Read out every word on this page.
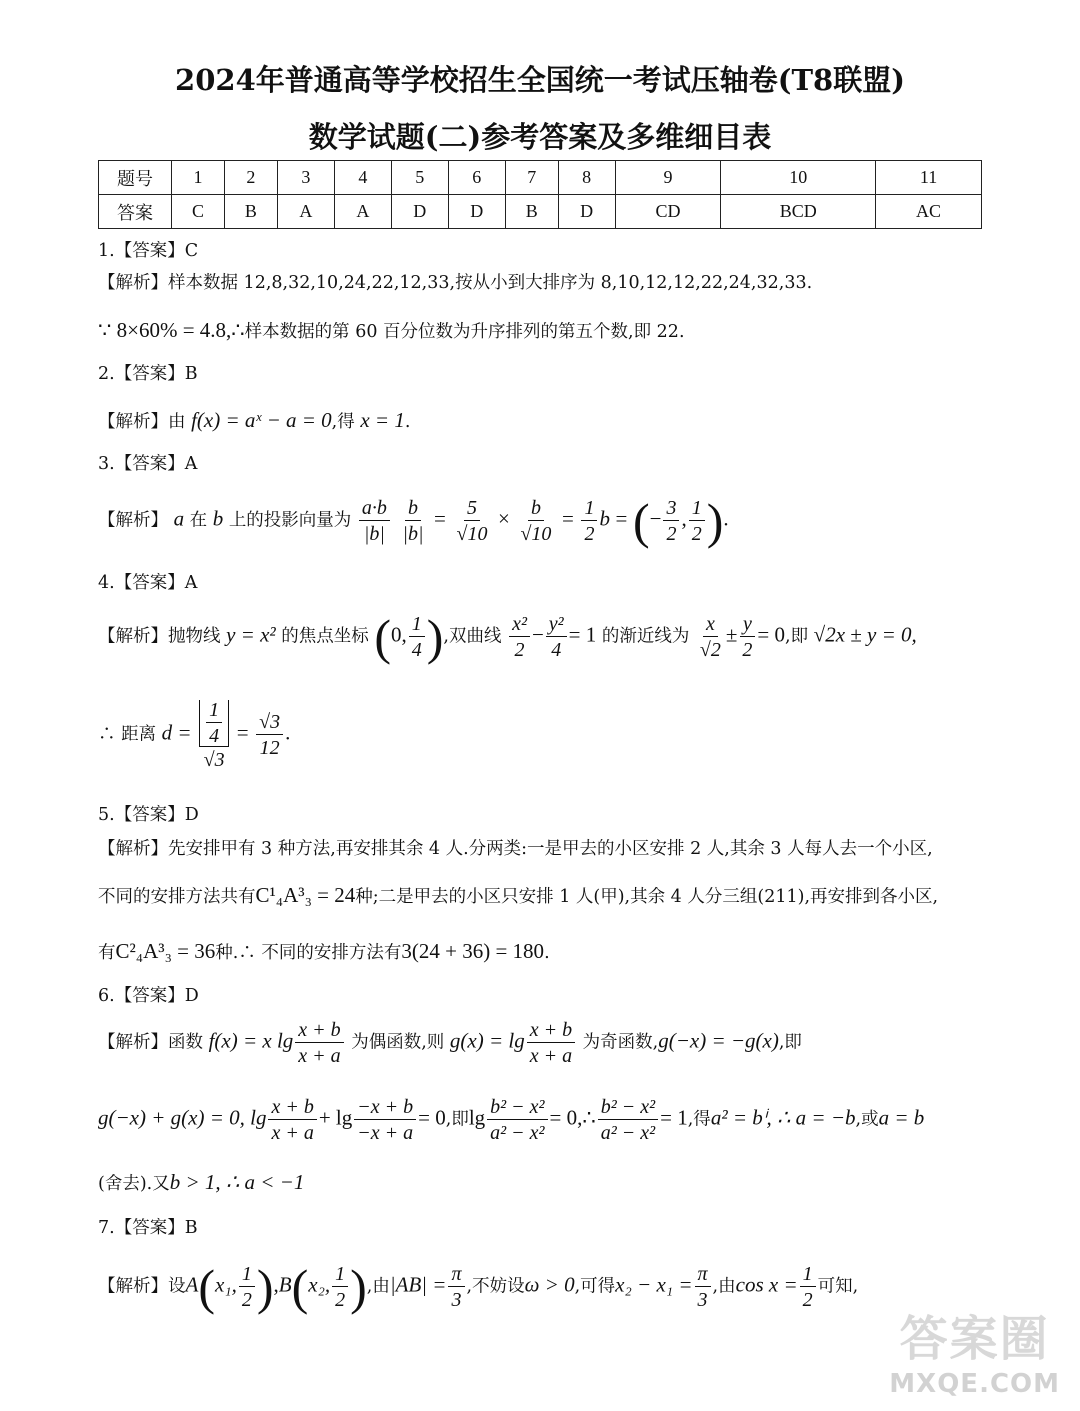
2024年普通高等学校招生全国统一考试压轴卷(T8联盟)
数学试题(二)参考答案及多维细目表
题号	1	2	3	4	5	6	7	8	9	10	11
答案	C	B	A	A	D	D	B	D	CD	BCD	AC
1.【答案】C
【解析】样本数据 12,8,32,10,24,22,12,33,按从小到大排序为 8,10,12,12,22,24,32,33.
∵ 8×60% = 4.8,∴样本数据的第 60 百分位数为升序排列的第五个数,即 22.
2.【答案】B
【解析】由 f(x) = aˣ − a = 0,得 x = 1.
3.【答案】A
【解析】 a 在 b 上的投影向量为 $\frac{a\cdot b}{|b|}$
$\frac{b}{|b|} = \frac{5}{√10} \times \frac{b}{√10} = \frac{1}{2}$ b = (− $\frac{3}{2}$ , $\frac{1}{2}$ ).
4.【答案】A
【解析】抛物线 y = x² 的焦点坐标 (0, $\frac{1}{4}$ ),双曲线 $\frac{\text{x²}}{2} - \frac{\text{y²}}{4} = 1$ 的渐近线为 $\frac{x}{√2} \pm \frac{y}{2} = 0$,即 √2x ± y = 0,
∴ 距离 $d = \frac{\frac{1}{4}}{√3} = \frac{√3}{12}$ .
5.【答案】D
【解析】先安排甲有 3 种方法,再安排其余 4 人.分两类:一是甲去的小区安排 2 人,其余 3 人每人去一个小区,
不同的安排方法共有C¹₄A³₃ = 24种;二是甲去的小区只安排 1 人(甲),其余 4 人分三组(211),再安排到各小区,
有C²₄A³₃ = 36种.∴ 不同的安排方法有3(24 + 36) = 180.
6.【答案】D
【解析】函数 f(x) = x $\lg \frac{x + b}{x + a}$ 为偶函数,则 $g(x) = \lg \frac{x + b}{x + a}$ 为奇函数,g(−x) = −g(x),即
g(−x) + g(x) = 0, $\lg \frac{x + b}{x + a} + \lg \frac{-x + b}{-x + a} = 0$,即$\lg \frac{\text{b² − x²}}{\text{a² − x²}}$ = 0,∴ $\frac{\text{b² − x²}}{\text{a² − x²}} = 1$,得a² = bⁱ, ∴ a = −b,或a = b
(舍去).又b > 1, ∴ a < −1
7.【答案】B
【解析】设A(x₁, $\frac{1}{2} ),B(x_2$, $\frac{1}{2}$ ),由$|AB| = \frac{\pi}{3}$ ,不妨设ω > 0,可得$x_2 - x_1 = \frac{\pi}{3}$ ,由$\cos x = \frac{1}{2}$ 可知,
答案圈
MXQE.COM
